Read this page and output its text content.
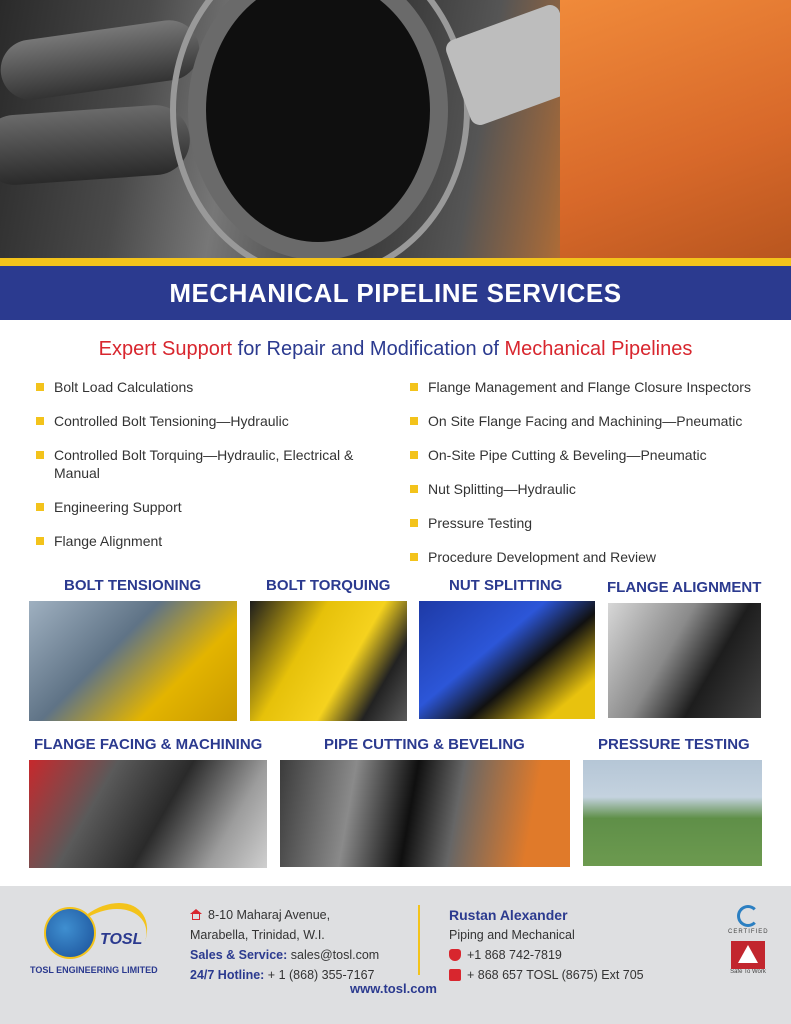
MECHANICAL PIPELINE SERVICES
Expert Support for Repair and Modification of Mechanical Pipelines
Bolt Load Calculations
Controlled Bolt Tensioning—Hydraulic
Controlled Bolt Torquing—Hydraulic, Electrical & Manual
Engineering Support
Flange Alignment
Flange Management and Flange Closure Inspectors
On Site Flange Facing and Machining—Pneumatic
On-Site Pipe Cutting & Beveling—Pneumatic
Nut Splitting—Hydraulic
Pressure Testing
Procedure Development and Review
BOLT TENSIONING	BOLT TORQUING	NUT SPLITTING	FLANGE ALIGNMENT
FLANGE FACING & MACHINING	PIPE CUTTING & BEVELING	PRESSURE TESTING
TOSL
TOSL ENGINEERING LIMITED
8-10 Maharaj Avenue,
Marabella, Trinidad, W.I.
Sales & Service: sales@tosl.com
24/7 Hotline: + 1 (868) 355-7167
Rustan Alexander
Piping and Mechanical
+1 868 742-7819
+ 868 657 TOSL (8675) Ext 705
www.tosl.com
CERTIFIED
Safe To Work
